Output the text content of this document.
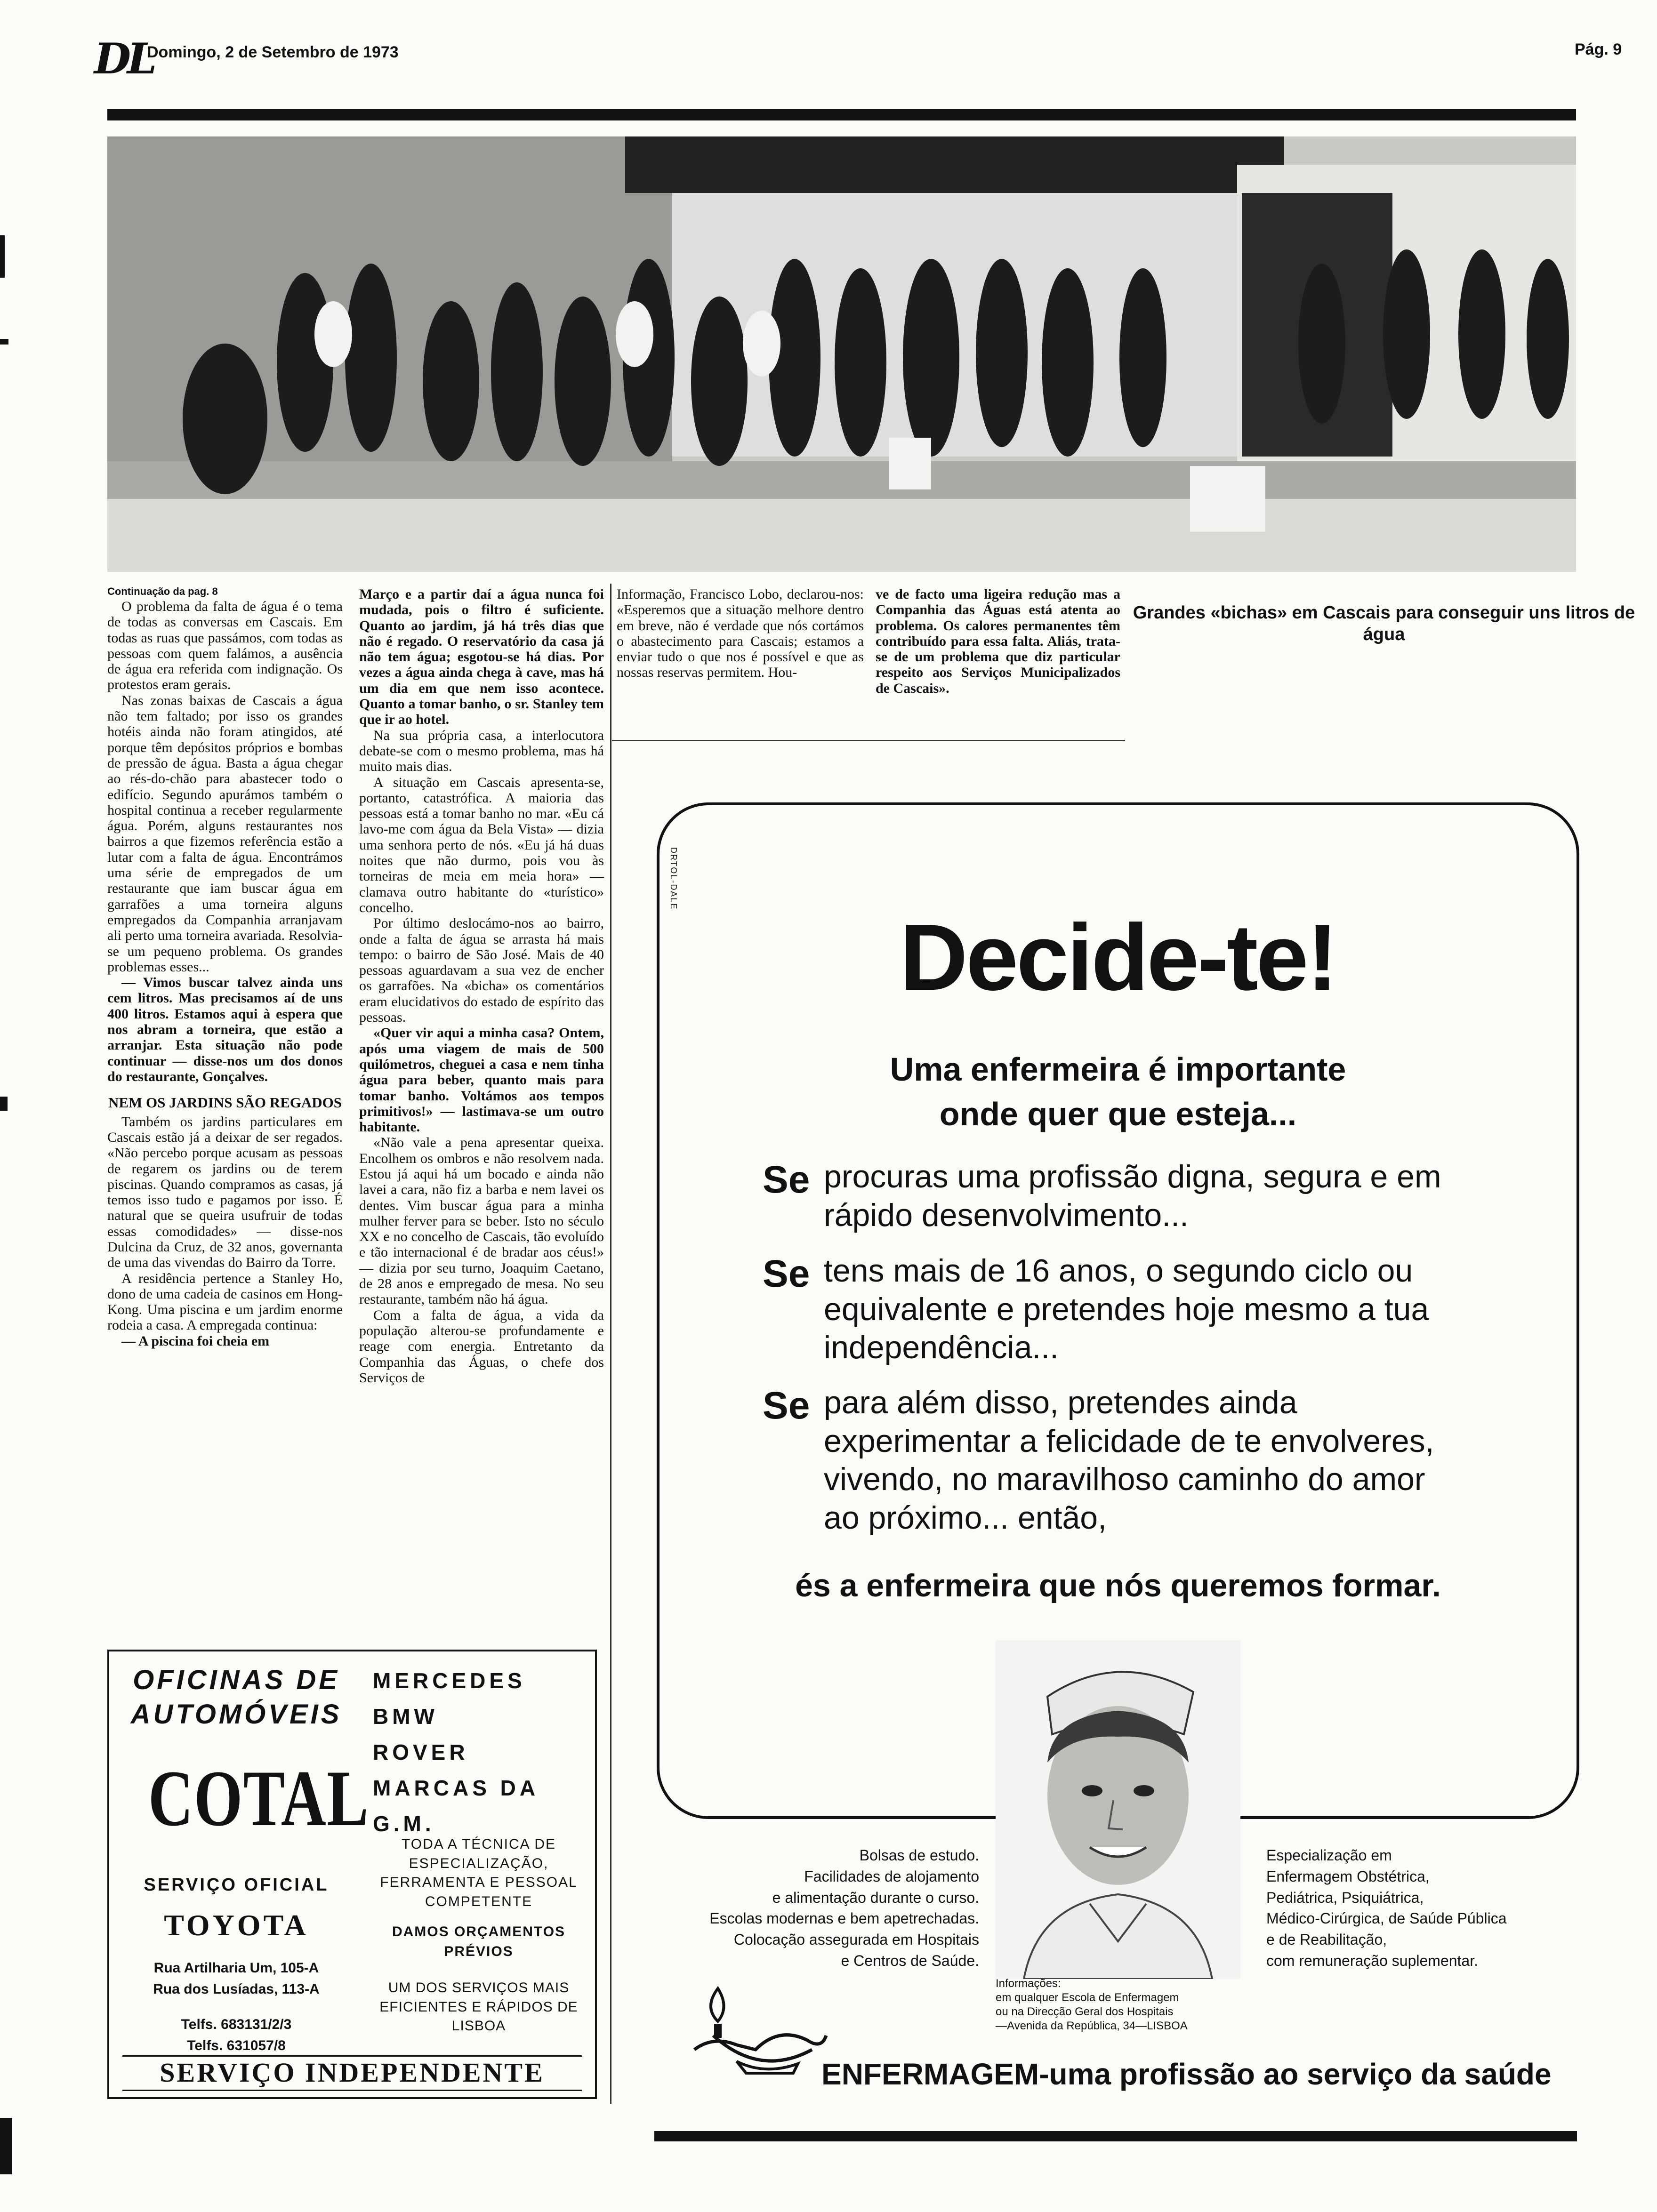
DL
Domingo, 2 de Setembro de 1973	Pág. 9
Grandes «bichas» em Cascais para conseguir uns litros de água
Continuação da pag. 8

O problema da falta de água é o tema de todas as conversas em Cascais. Em todas as ruas que passámos, com todas as pessoas com quem falámos, a ausência de água era referida com indignação. Os protestos eram gerais.

Nas zonas baixas de Cascais a água não tem faltado; por isso os grandes hotéis ainda não foram atingidos, até porque têm depósitos próprios e bombas de pressão de água. Basta a água chegar ao rés-do-chão para abastecer todo o edifício. Segundo apurámos também o hospital continua a receber regularmente água. Porém, alguns restaurantes nos bairros a que fizemos referência estão a lutar com a falta de água. Encontrámos uma série de empregados de um restaurante que iam buscar água em garrafões a uma torneira alguns empregados da Companhia arranjavam ali perto uma torneira avariada. Resolvia-se um pequeno problema. Os grandes problemas esses...

— Vimos buscar talvez ainda uns cem litros. Mas precisamos aí de uns 400 litros. Estamos aqui à espera que nos abram a torneira, que estão a arranjar. Esta situação não pode continuar — disse-nos um dos donos do restaurante, Gonçalves.

NEM OS JARDINS SÃO REGADOS

Também os jardins particulares em Cascais estão já a deixar de ser regados. «Não percebo porque acusam as pessoas de regarem os jardins ou de terem piscinas. Quando compramos as casas, já temos isso tudo e pagamos por isso. É natural que se queira usufruir de todas essas comodidades» — disse-nos Dulcina da Cruz, de 32 anos, governanta de uma das vivendas do Bairro da Torre.

A residência pertence a Stanley Ho, dono de uma cadeia de casinos em Hong-Kong. Uma piscina e um jardim enorme rodeia a casa. A empregada continua:

— A piscina foi cheia em

Março e a partir daí a água nunca foi mudada, pois o filtro é suficiente. Quanto ao jardim, já há três dias que não é regado. O reservatório da casa já não tem água; esgotou-se há dias. Por vezes a água ainda chega à cave, mas há um dia em que nem isso acontece. Quanto a tomar banho, o sr. Stanley tem que ir ao hotel.

Na sua própria casa, a interlocutora debate-se com o mesmo problema, mas há muito mais dias.

A situação em Cascais apresenta-se, portanto, catastrófica. A maioria das pessoas está a tomar banho no mar. «Eu cá lavo-me com água da Bela Vista» — dizia uma senhora perto de nós. «Eu já há duas noites que não durmo, pois vou às torneiras de meia em meia hora» — clamava outro habitante do «turístico» concelho.

Por último deslocámo-nos ao bairro, onde a falta de água se arrasta há mais tempo: o bairro de São José. Mais de 40 pessoas aguardavam a sua vez de encher os garrafões. Na «bicha» os comentários eram elucidativos do estado de espírito das pessoas.

«Quer vir aqui a minha casa? Ontem, após uma viagem de mais de 500 quilómetros, cheguei a casa e nem tinha água para beber, quanto mais para tomar banho. Voltámos aos tempos primitivos!» — lastimava-se um outro habitante.

«Não vale a pena apresentar queixa. Encolhem os ombros e não resolvem nada. Estou já aqui há um bocado e ainda não lavei a cara, não fiz a barba e nem lavei os dentes. Vim buscar água para a minha mulher ferver para se beber. Isto no século XX e no concelho de Cascais, tão evoluído e tão internacional é de bradar aos céus!» — dizia por seu turno, Joaquim Caetano, de 28 anos e empregado de mesa. No seu restaurante, também não há água.

Com a falta de água, a vida da população alterou-se profundamente e reage com energia. Entretanto da Companhia das Águas, o chefe dos Serviços de

Informação, Francisco Lobo, declarou-nos: «Esperemos que a situação melhore dentro em breve, não é verdade que nós cortámos o abastecimento para Cascais; estamos a enviar tudo o que nos é possível e que as nossas reservas permitem. Hou-

ve de facto uma ligeira redução mas a Companhia das Águas está atenta ao problema. Os calores permanentes têm contribuído para essa falta. Aliás, trata-se de um problema que diz particular respeito aos Serviços Municipalizados de Cascais».

OFICINAS DE
AUTOMÓVEIS
COTAL
SERVIÇO OFICIAL
TOYOTA
Rua Artilharia Um, 105-A
Rua dos Lusíadas, 113-A
Telfs. 683131/2/3
Telfs. 631057/8
MERCEDES
BMW
ROVER
MARCAS DA G.M.
TODA A TÉCNICA DE ESPECIALIZAÇÃO, FERRAMENTA E PESSOAL COMPETENTE
DAMOS ORÇAMENTOS PRÉVIOS
UM DOS SERVIÇOS MAIS EFICIENTES E RÁPIDOS DE LISBOA
SERVIÇO INDEPENDENTE
DRTOL-DALE
Decide-te!
Uma enfermeira é importante
onde quer que esteja...
Se procuras uma profissão digna, segura e em rápido desenvolvimento...
Se tens mais de 16 anos, o segundo ciclo ou equivalente e pretendes hoje mesmo a tua independência...
Se para além disso, pretendes ainda experimentar a felicidade de te envolveres, vivendo, no maravilhoso caminho do amor ao próximo... então,
és a enfermeira que nós queremos formar.
Bolsas de estudo.
Facilidades de alojamento
e alimentação durante o curso.
Escolas modernas e bem apetrechadas.
Colocação assegurada em Hospitais
e Centros de Saúde.
Especialização em
Enfermagem Obstétrica,
Pediátrica, Psiquiátrica,
Médico-Cirúrgica, de Saúde Pública
e de Reabilitação,
com remuneração suplementar.
Informações:
em qualquer Escola de Enfermagem
ou na Direcção Geral dos Hospitais
—Avenida da República, 34—LISBOA
ENFERMAGEM-uma profissão ao serviço da saúde
